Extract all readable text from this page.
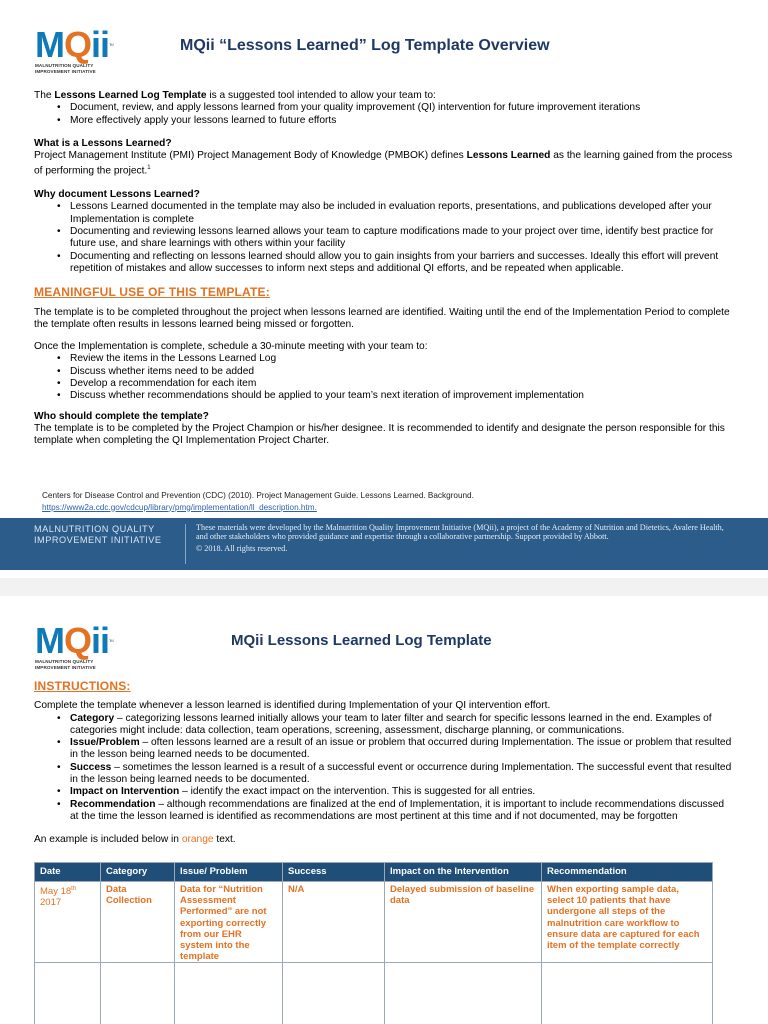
MQii™
MALNUTRITION QUALITY
IMPROVEMENT INITIATIVE
MQii “Lessons Learned” Log Template Overview

The Lessons Learned Log Template is a suggested tool intended to allow your team to:

• Document, review, and apply lessons learned from your quality improvement (QI) intervention for future improvement iterations
• More effectively apply your lessons learned to future efforts

What is a Lessons Learned?

Project Management Institute (PMI) Project Management Body of Knowledge (PMBOK) defines Lessons Learned as the learning gained from the process of performing the project.$^1$

Why document Lessons Learned?

• Lessons Learned documented in the template may also be included in evaluation reports, presentations, and publications developed after your Implementation is complete
• Documenting and reviewing lessons learned allows your team to capture modifications made to your project over time, identify best practice for future use, and share learnings with others within your facility
• Documenting and reflecting on lessons learned should allow you to gain insights from your barriers and successes. Ideally this effort will prevent repetition of mistakes and allow successes to inform next steps and additional QI efforts, and be repeated when applicable.

MEANINGFUL USE OF THIS TEMPLATE:

The template is to be completed throughout the project when lessons learned are identified. Waiting until the end of the Implementation Period to complete the template often results in lessons learned being missed or forgotten.

Once the Implementation is complete, schedule a 30-minute meeting with your team to:

• Review the items in the Lessons Learned Log
• Discuss whether items need to be added
• Develop a recommendation for each item
• Discuss whether recommendations should be applied to your team’s next iteration of improvement implementation

Who should complete the template?

The template is to be completed by the Project Champion or his/her designee. It is recommended to identify and designate the person responsible for this template when completing the QI Implementation Project Charter.

Centers for Disease Control and Prevention (CDC) (2010). Project Management Guide. Lessons Learned. Background.
https://www2a.cdc.gov/cdcup/library/pmg/implementation/ll_description.htm.
MALNUTRITION QUALITY
IMPROVEMENT INITIATIVE
These materials were developed by the Malnutrition Quality Improvement Initiative (MQii), a project of the Academy of Nutrition and Dietetics, Avalere Health, and other stakeholders who provided guidance and expertise through a collaborative partnership. Support provided by Abbott.
© 2018. All rights reserved.
MQii™
MALNUTRITION QUALITY
IMPROVEMENT INITIATIVE
MQii Lessons Learned Log Template

INSTRUCTIONS:

Complete the template whenever a lesson learned is identified during Implementation of your QI intervention effort.

• Category – categorizing lessons learned initially allows your team to later filter and search for specific lessons learned in the end. Examples of categories might include: data collection, team operations, screening, assessment, discharge planning, or communications.
• Issue/Problem – often lessons learned are a result of an issue or problem that occurred during Implementation. The issue or problem that resulted in the lesson being learned needs to be documented.
• Success – sometimes the lesson learned is a result of a successful event or occurrence during Implementation. The successful event that resulted in the lesson being learned needs to be documented.
• Impact on Intervention – identify the exact impact on the intervention. This is suggested for all entries.
• Recommendation – although recommendations are finalized at the end of Implementation, it is important to include recommendations discussed at the time the lesson learned is identified as recommendations are most pertinent at this time and if not documented, may be forgotten

An example is included below in orange text.

Date	Category	Issue/ Problem	Success	Impact on the Intervention	Recommendation
May 18th
2017	Data Collection	Data for “Nutrition Assessment Performed” are not exporting correctly from our EHR system into the template	N/A	Delayed submission of baseline data	When exporting sample data, select 10 patients that have undergone all steps of the malnutrition care workflow to ensure data are captured for each item of the template correctly
